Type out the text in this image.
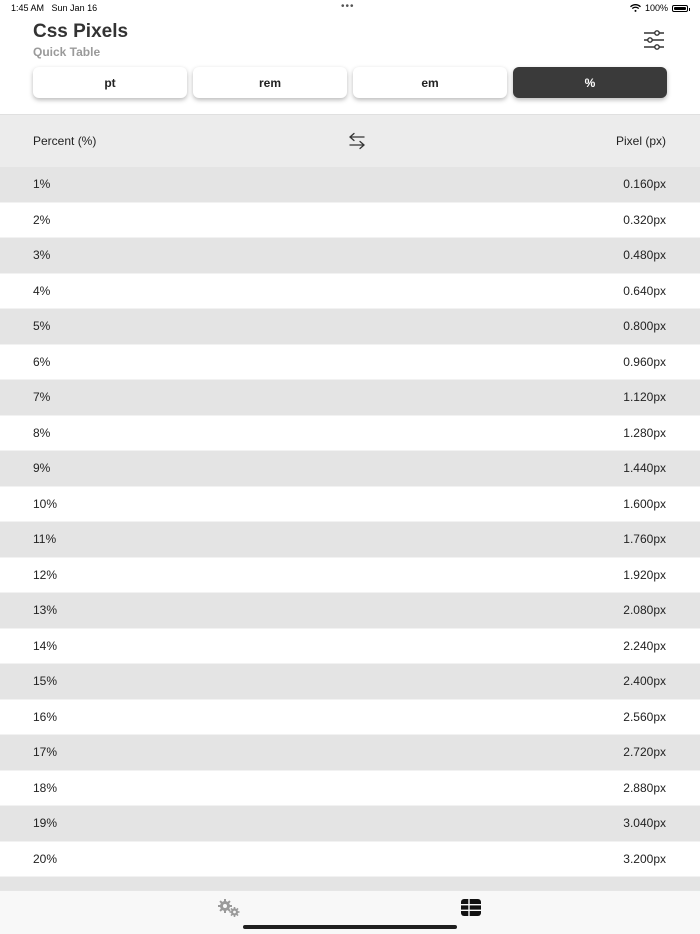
1:45 AM Sun Jan 16	•••	100%
Css Pixels
Quick Table
pt	rem	em	%
Percent (%)	Pixel (px)
1%	0.160px
2%	0.320px
3%	0.480px
4%	0.640px
5%	0.800px
6%	0.960px
7%	1.120px
8%	1.280px
9%	1.440px
10%	1.600px
11%	1.760px
12%	1.920px
13%	2.080px
14%	2.240px
15%	2.400px
16%	2.560px
17%	2.720px
18%	2.880px
19%	3.040px
20%	3.200px
